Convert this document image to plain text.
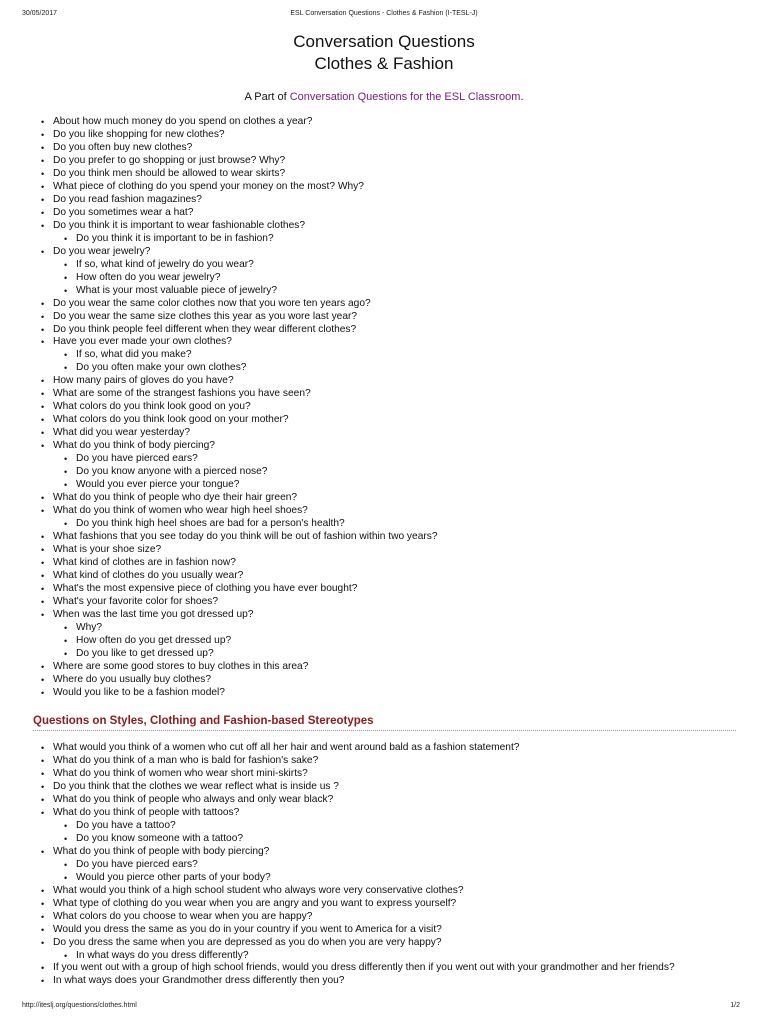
30/05/2017	ESL Conversation Questions - Clothes & Fashion (I-TESL-J)
Conversation Questions
Clothes & Fashion
A Part of Conversation Questions for the ESL Classroom.
• About how much money do you spend on clothes a year?
• Do you like shopping for new clothes?
• Do you often buy new clothes?
• Do you prefer to go shopping or just browse? Why?
• Do you think men should be allowed to wear skirts?
• What piece of clothing do you spend your money on the most? Why?
• Do you read fashion magazines?
• Do you sometimes wear a hat?
• Do you think it is important to wear fashionable clothes?
• Do you think it is important to be in fashion?
• Do you wear jewelry?
• If so, what kind of jewelry do you wear?
• How often do you wear jewelry?
• What is your most valuable piece of jewelry?
• Do you wear the same color clothes now that you wore ten years ago?
• Do you wear the same size clothes this year as you wore last year?
• Do you think people feel different when they wear different clothes?
• Have you ever made your own clothes?
• If so, what did you make?
• Do you often make your own clothes?
• How many pairs of gloves do you have?
• What are some of the strangest fashions you have seen?
• What colors do you think look good on you?
• What colors do you think look good on your mother?
• What did you wear yesterday?
• What do you think of body piercing?
• Do you have pierced ears?
• Do you know anyone with a pierced nose?
• Would you ever pierce your tongue?
• What do you think of people who dye their hair green?
• What do you think of women who wear high heel shoes?
• Do you think high heel shoes are bad for a person's health?
• What fashions that you see today do you think will be out of fashion within two years?
• What is your shoe size?
• What kind of clothes are in fashion now?
• What kind of clothes do you usually wear?
• What's the most expensive piece of clothing you have ever bought?
• What's your favorite color for shoes?
• When was the last time you got dressed up?
• Why?
• How often do you get dressed up?
• Do you like to get dressed up?
• Where are some good stores to buy clothes in this area?
• Where do you usually buy clothes?
• Would you like to be a fashion model?
Questions on Styles, Clothing and Fashion-based Stereotypes
• What would you think of a women who cut off all her hair and went around bald as a fashion statement?
• What do you think of a man who is bald for fashion's sake?
• What do you think of women who wear short mini-skirts?
• Do you think that the clothes we wear reflect what is inside us ?
• What do you think of people who always and only wear black?
• What do you think of people with tattoos?
• Do you have a tattoo?
• Do you know someone with a tattoo?
• What do you think of people with body piercing?
• Do you have pierced ears?
• Would you pierce other parts of your body?
• What would you think of a high school student who always wore very conservative clothes?
• What type of clothing do you wear when you are angry and you want to express yourself?
• What colors do you choose to wear when you are happy?
• Would you dress the same as you do in your country if you went to America for a visit?
• Do you dress the same when you are depressed as you do when you are very happy?
• In what ways do you dress differently?
• If you went out with a group of high school friends, would you dress differently then if you went out with your grandmother and her friends?
• In what ways does your Grandmother dress differently then you?
http://iteslj.org/questions/clothes.html	1/2
